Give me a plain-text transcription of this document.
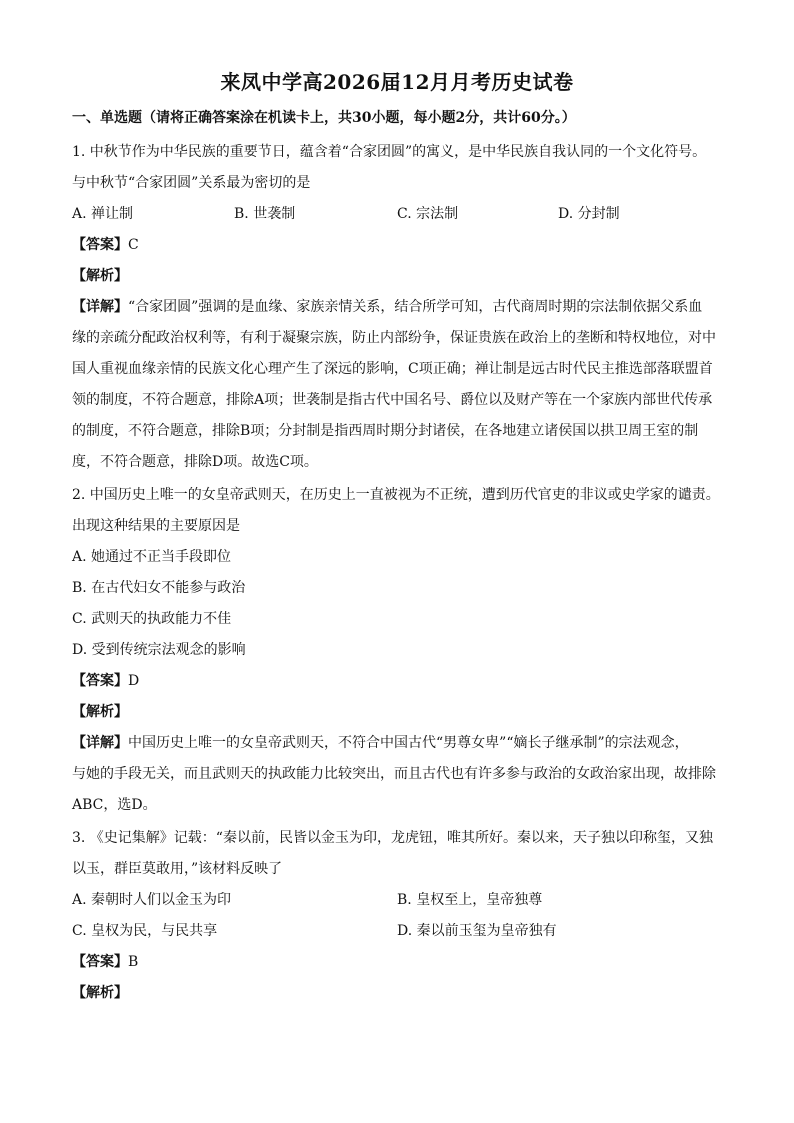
来凤中学高2026届12月月考历史试卷
一、单选题（请将正确答案涂在机读卡上，共30小题，每小题2分，共计60分。）
1. 中秋节作为中华民族的重要节日，蕴含着“合家团圆”的寓义，是中华民族自我认同的一个文化符号。
与中秋节“合家团圆”关系最为密切的是
A. 禅让制	B. 世袭制	C. 宗法制	D. 分封制
【答案】C
【解析】
【详解】“合家团圆”强调的是血缘、家族亲情关系，结合所学可知，古代商周时期的宗法制依据父系血
缘的亲疏分配政治权利等，有利于凝聚宗族，防止内部纷争，保证贵族在政治上的垄断和特权地位，对中
国人重视血缘亲情的民族文化心理产生了深远的影响，C项正确；禅让制是远古时代民主推选部落联盟首
领的制度，不符合题意，排除A项；世袭制是指古代中国名号、爵位以及财产等在一个家族内部世代传承
的制度，不符合题意，排除B项；分封制是指西周时期分封诸侯，在各地建立诸侯国以拱卫周王室的制
度，不符合题意，排除D项。故选C项。
2. 中国历史上唯一的女皇帝武则天，在历史上一直被视为不正统，遭到历代官吏的非议或史学家的谴责。
出现这种结果的主要原因是
A. 她通过不正当手段即位
B. 在古代妇女不能参与政治
C. 武则天的执政能力不佳
D. 受到传统宗法观念的影响
【答案】D
【解析】
【详解】中国历史上唯一的女皇帝武则天，不符合中国古代“男尊女卑”“嫡长子继承制”的宗法观念，
与她的手段无关，而且武则天的执政能力比较突出，而且古代也有许多参与政治的女政治家出现，故排除
ABC，选D。
3. 《史记集解》记载：“秦以前，民皆以金玉为印，龙虎钮，唯其所好。秦以来，天子独以印称玺，又独
以玉，群臣莫敢用，”该材料反映了
A. 秦朝时人们以金玉为印	B. 皇权至上，皇帝独尊
C. 皇权为民，与民共享	D. 秦以前玉玺为皇帝独有
【答案】B
【解析】
